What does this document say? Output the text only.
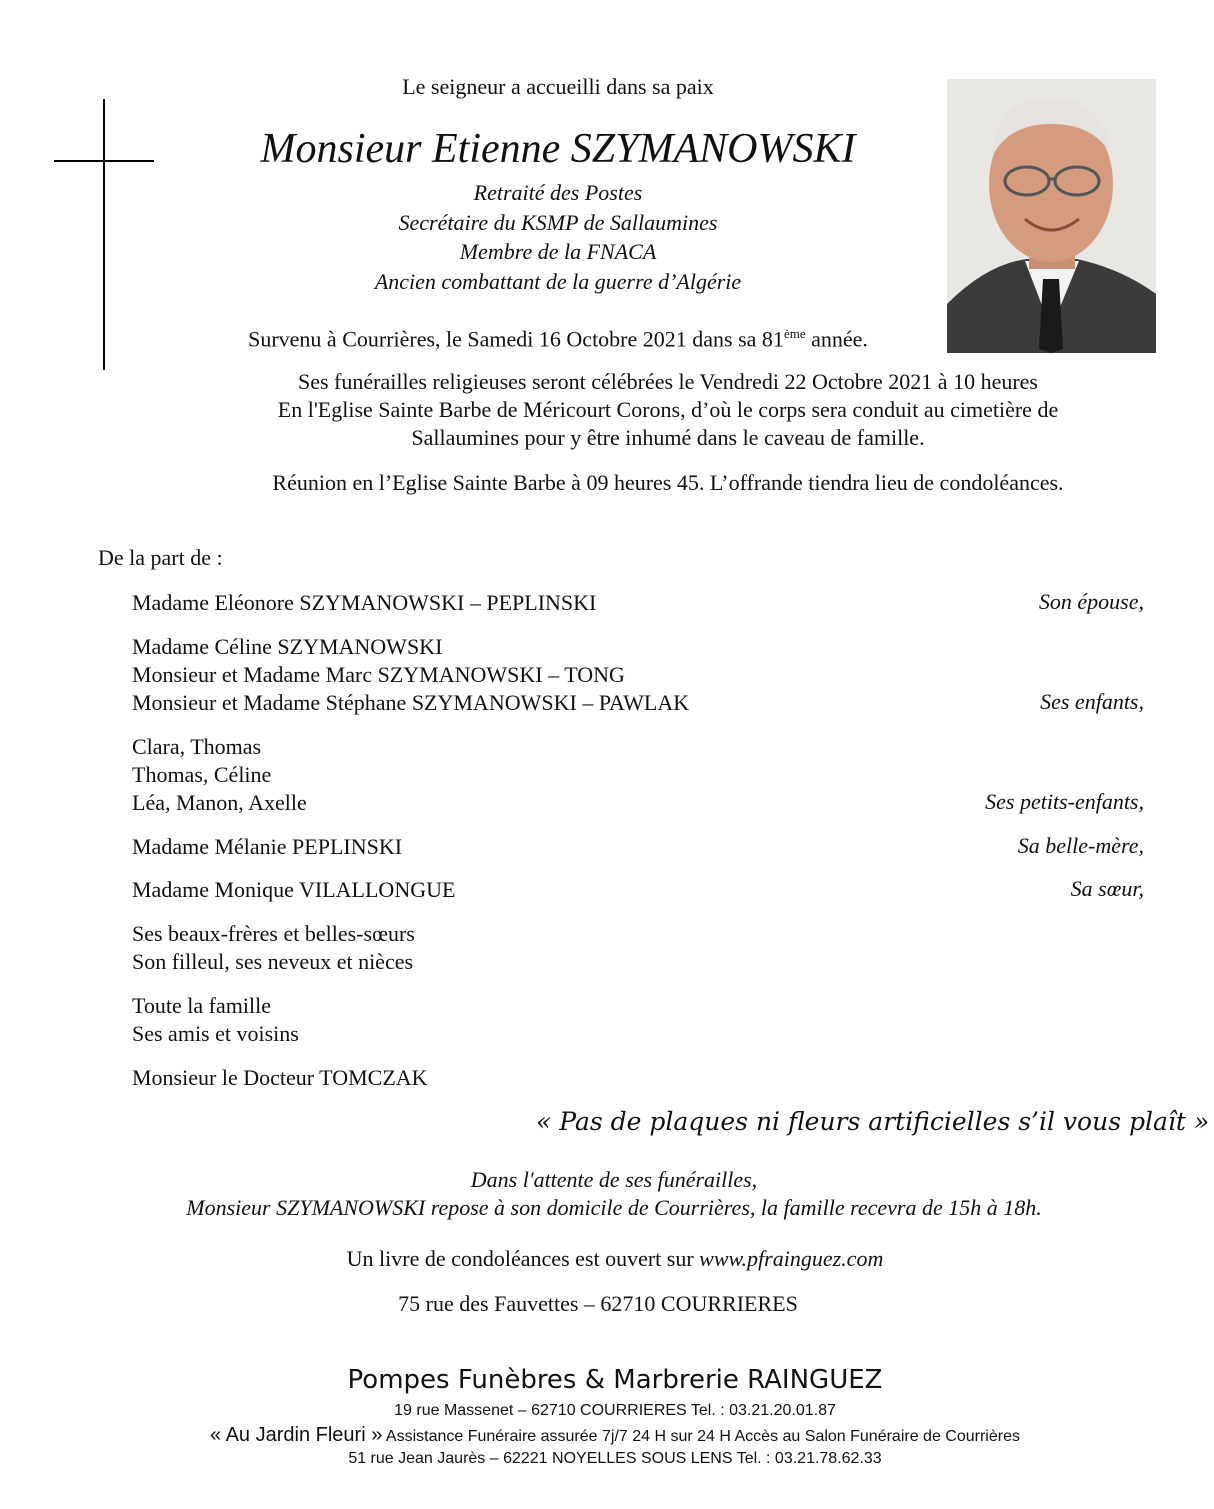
Le seigneur a accueilli dans sa paix
Monsieur Etienne SZYMANOWSKI
Retraité des Postes
Secrétaire du KSMP de Sallaumines
Membre de la FNACA
Ancien combattant de la guerre d’Algérie
Survenu à Courrières, le Samedi 16 Octobre 2021 dans sa 81ème année.
Ses funérailles religieuses seront célébrées le Vendredi 22 Octobre 2021 à 10 heures
En l'Eglise Sainte Barbe de Méricourt Corons, d’où le corps sera conduit au cimetière de
Sallaumines pour y être inhumé dans le caveau de famille.
Réunion en l’Eglise Sainte Barbe à 09 heures 45. L’offrande tiendra lieu de condoléances.
De la part de :
Madame Eléonore SZYMANOWSKI – PEPLINSKI	Son épouse,
Madame Céline SZYMANOWSKI
Monsieur et Madame Marc SZYMANOWSKI – TONG
Monsieur et Madame Stéphane SZYMANOWSKI – PAWLAK	Ses enfants,
Clara, Thomas
Thomas, Céline
Léa, Manon, Axelle	Ses petits-enfants,
Madame Mélanie PEPLINSKI	Sa belle-mère,
Madame Monique VILALLONGUE	Sa sœur,
Ses beaux-frères et belles-sœurs
Son filleul, ses neveux et nièces
Toute la famille
Ses amis et voisins
Monsieur le Docteur TOMCZAK
« Pas de plaques ni fleurs artificielles s’il vous plaît »
Dans l'attente de ses funérailles,
Monsieur SZYMANOWSKI repose à son domicile de Courrières, la famille recevra de 15h à 18h.
Un livre de condoléances est ouvert sur www.pfrainguez.com
75 rue des Fauvettes – 62710 COURRIERES
Pompes Funèbres & Marbrerie RAINGUEZ
19 rue Massenet – 62710 COURRIERES Tel. : 03.21.20.01.87
« Au Jardin Fleuri » Assistance Funéraire assurée 7j/7 24 H sur 24 H Accès au Salon Funéraire de Courrières
51 rue Jean Jaurès – 62221 NOYELLES SOUS LENS Tel. : 03.21.78.62.33
